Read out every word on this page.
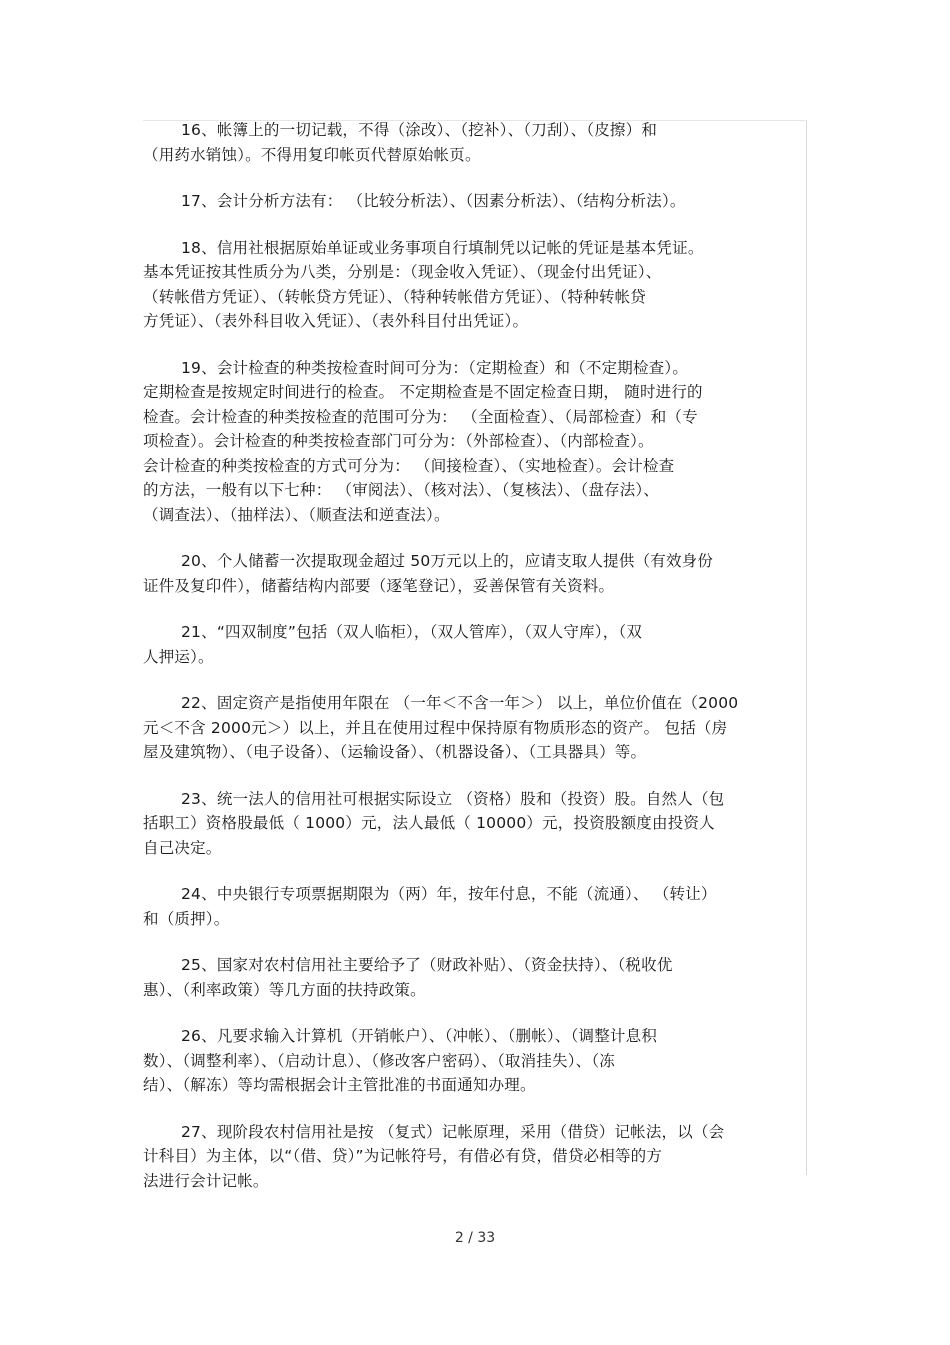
16、帐簿上的一切记载，不得（涂改）、（挖补）、（刀刮）、（皮擦）和
（用药水销蚀）。不得用复印帐页代替原始帐页。

17、会计分析方法有： （比较分析法）、（因素分析法）、（结构分析法）。

18、信用社根据原始单证或业务事项自行填制凭以记帐的凭证是基本凭证。
基本凭证按其性质分为八类，分别是：（现金收入凭证）、（现金付出凭证）、
（转帐借方凭证）、（转帐贷方凭证）、（特种转帐借方凭证）、（特种转帐贷
方凭证）、（表外科目收入凭证）、（表外科目付出凭证）。

19、会计检查的种类按检查时间可分为：（定期检查）和（不定期检查）。
定期检查是按规定时间进行的检查。 不定期检查是不固定检查日期， 随时进行的
检查。会计检查的种类按检查的范围可分为： （全面检查）、（局部检查）和（专
项检查）。会计检查的种类按检查部门可分为：（外部检查）、（内部检查）。
会计检查的种类按检查的方式可分为： （间接检查）、（实地检查）。会计检查
的方法，一般有以下七种： （审阅法）、（核对法）、（复核法）、（盘存法）、
（调查法）、（抽样法）、（顺查法和逆查法）。

20、个人储蓄一次提取现金超过 50万元以上的，应请支取人提供（有效身份
证件及复印件），储蓄结构内部要（逐笔登记），妥善保管有关资料。

21、“四双制度”包括（双人临柜），（双人管库），（双人守库），（双
人押运）。

22、固定资产是指使用年限在 （一年＜不含一年＞） 以上，单位价值在（2000
元＜不含 2000元＞）以上，并且在使用过程中保持原有物质形态的资产。 包括（房
屋及建筑物）、（电子设备）、（运输设备）、（机器设备）、（工具器具）等。

23、统一法人的信用社可根据实际设立 （资格）股和（投资）股。自然人（包
括职工）资格股最低（ 1000）元，法人最低（ 10000）元，投资股额度由投资人
自己决定。

24、中央银行专项票据期限为（两）年，按年付息，不能（流通）、 （转让）
和（质押）。

25、国家对农村信用社主要给予了（财政补贴）、（资金扶持）、（税收优
惠）、（利率政策）等几方面的扶持政策。

26、凡要求输入计算机（开销帐户）、（冲帐）、（删帐）、（调整计息积
数）、（调整利率）、（启动计息）、（修改客户密码）、（取消挂失）、（冻
结）、（解冻）等均需根据会计主管批准的书面通知办理。

27、现阶段农村信用社是按 （复式）记帐原理，采用（借贷）记帐法，以（会
计科目）为主体，以“（借、贷）”为记帐符号，有借必有贷，借贷必相等的方
法进行会计记帐。

2 / 33
